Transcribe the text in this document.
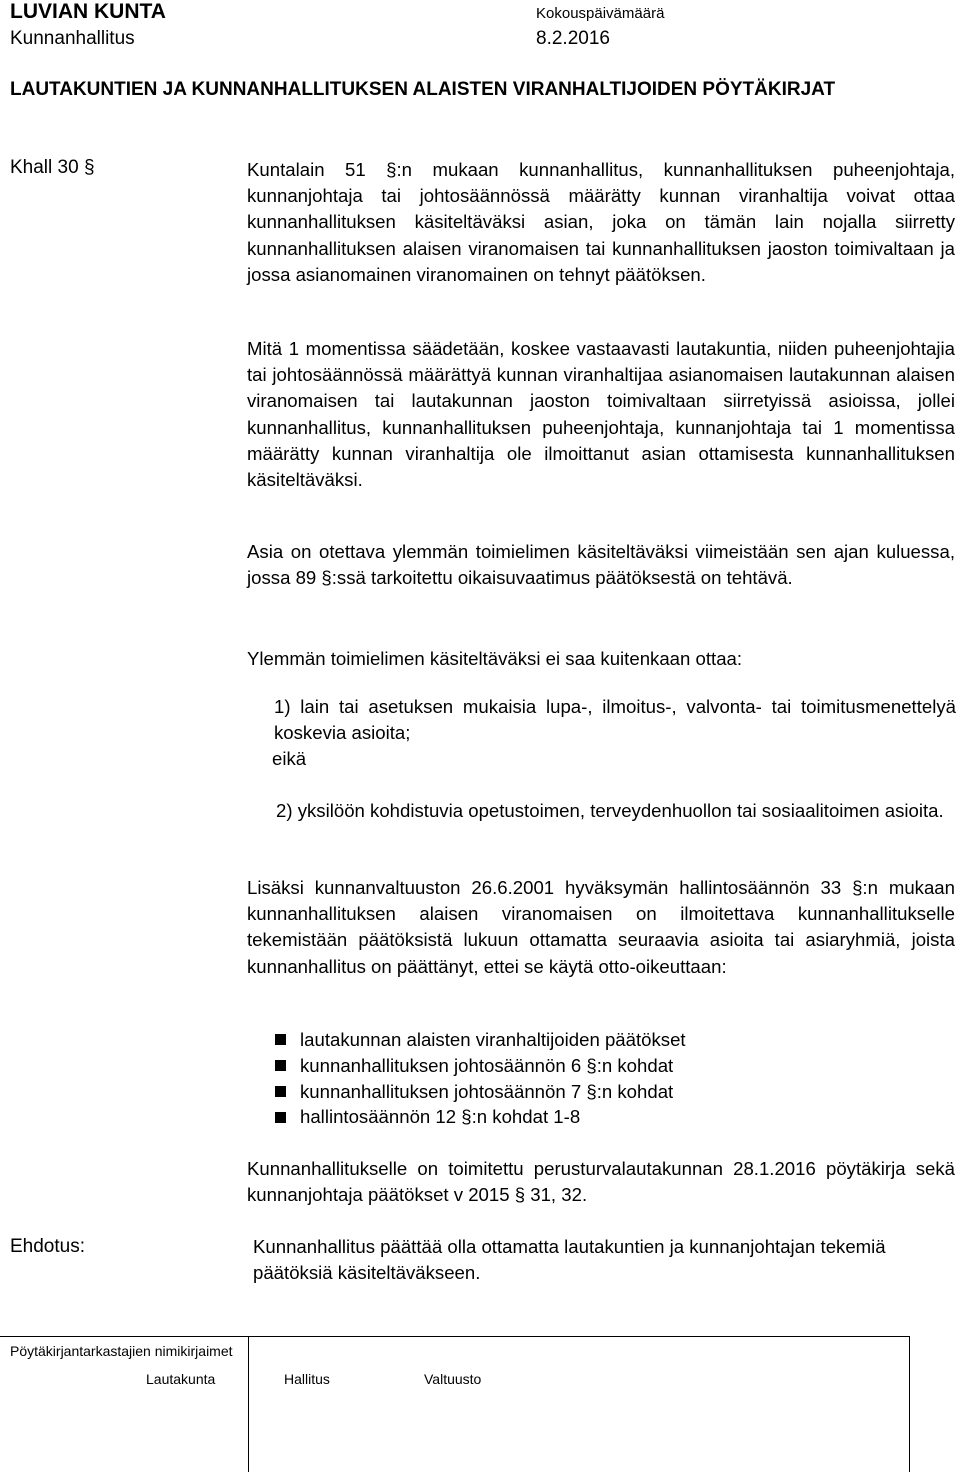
LUVIAN KUNTA
Kunnanhallitus
Kokouspäivämäärä
8.2.2016
LAUTAKUNTIEN JA KUNNANHALLITUKSEN ALAISTEN VIRANHALTIJOIDEN PÖYTÄKIRJAT
Khall 30 §	Kuntalain 51 §:n mukaan kunnanhallitus, kunnanhallituksen puheenjohtaja, kunnanjohtaja tai johtosäännössä määrätty kunnan viranhaltija voivat ottaa kunnanhallituksen käsiteltäväksi asian, joka on tämän lain nojalla siirretty kunnanhallituksen alaisen viranomaisen tai kunnanhallituksen jaoston toimivaltaan ja jossa asianomainen viranomainen on tehnyt päätöksen.
Mitä 1 momentissa säädetään, koskee vastaavasti lautakuntia, niiden puheenjohtajia tai johtosäännössä määrättyä kunnan viranhaltijaa asianomaisen lautakunnan alaisen viranomaisen tai lautakunnan jaoston toimivaltaan siirretyissä asioissa, jollei kunnanhallitus, kunnanhallituksen puheenjohtaja, kunnanjohtaja tai 1 momentissa määrätty kunnan viranhaltija ole ilmoittanut asian ottamisesta kunnanhallituksen käsiteltäväksi.
Asia on otettava ylemmän toimielimen käsiteltäväksi viimeistään sen ajan kuluessa, jossa 89 §:ssä tarkoitettu oikaisuvaatimus päätöksestä on tehtävä.
Ylemmän toimielimen käsiteltäväksi ei saa kuitenkaan ottaa:
1) lain tai asetuksen mukaisia lupa-, ilmoitus-, valvonta- tai toimitusmenettelyä koskevia asioita;
eikä
2) yksilöön kohdistuvia opetustoimen, terveydenhuollon tai sosiaalitoimen asioita.
Lisäksi kunnanvaltuuston 26.6.2001 hyväksymän hallintosäännön 33 §:n mukaan kunnanhallituksen alaisen viranomaisen on ilmoitettava kunnanhallitukselle tekemistään päätöksistä lukuun ottamatta seuraavia asioita tai asiaryhmiä, joista kunnanhallitus on päättänyt, ettei se käytä otto-oikeuttaan:
lautakunnan alaisten viranhaltijoiden päätökset
kunnanhallituksen johtosäännön 6 §:n kohdat
kunnanhallituksen johtosäännön 7 §:n kohdat
hallintosäännön 12 §:n kohdat 1-8
Kunnanhallitukselle on toimitettu perusturvalautakunnan 28.1.2016 pöytäkirja sekä kunnanjohtaja päätökset v 2015 § 31, 32.
Ehdotus:	Kunnanhallitus päättää olla ottamatta lautakuntien ja kunnanjohtajan tekemiä päätöksiä käsiteltäväkseen.
Pöytäkirjantarkastajien nimikirjaimet
Lautakunta	Hallitus	Valtuusto
